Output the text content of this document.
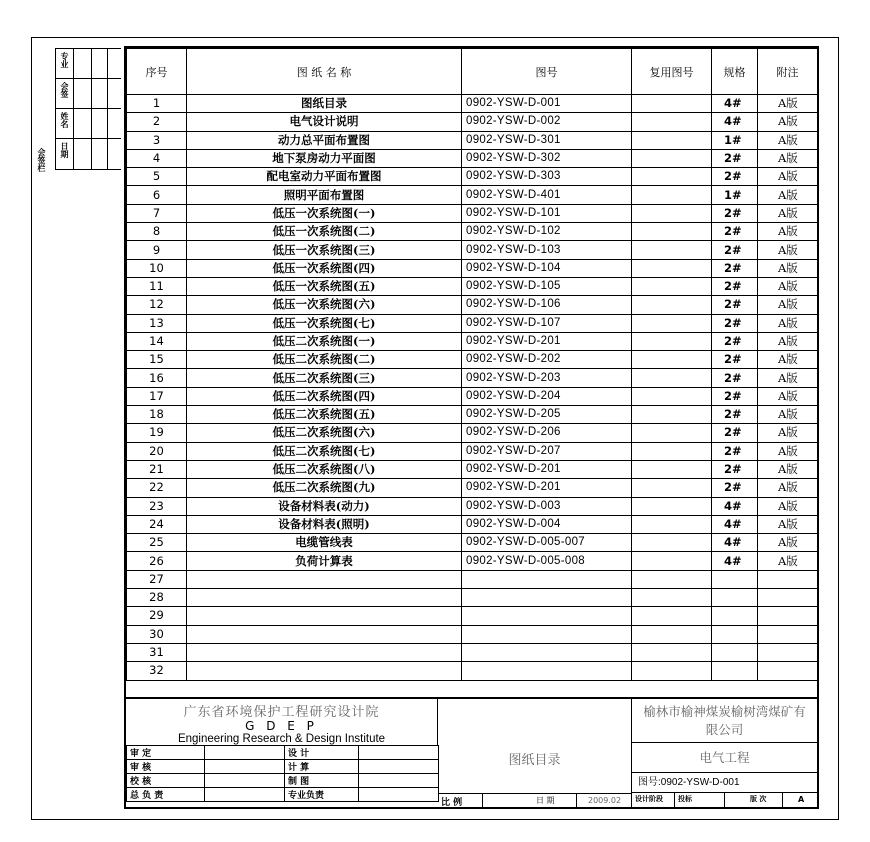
专业
会签
姓名
日期
会签栏
序号	图 纸 名 称	图号	复用图号	规格	附注
1	图纸目录	0902-YSW-D-001		4#	A版
2	电气设计说明	0902-YSW-D-002		4#	A版
3	动力总平面布置图	0902-YSW-D-301		1#	A版
4	地下泵房动力平面图	0902-YSW-D-302		2#	A版
5	配电室动力平面布置图	0902-YSW-D-303		2#	A版
6	照明平面布置图	0902-YSW-D-401		1#	A版
7	低压一次系统图(一)	0902-YSW-D-101		2#	A版
8	低压一次系统图(二)	0902-YSW-D-102		2#	A版
9	低压一次系统图(三)	0902-YSW-D-103		2#	A版
10	低压一次系统图(四)	0902-YSW-D-104		2#	A版
11	低压一次系统图(五)	0902-YSW-D-105		2#	A版
12	低压一次系统图(六)	0902-YSW-D-106		2#	A版
13	低压一次系统图(七)	0902-YSW-D-107		2#	A版
14	低压二次系统图(一)	0902-YSW-D-201		2#	A版
15	低压二次系统图(二)	0902-YSW-D-202		2#	A版
16	低压二次系统图(三)	0902-YSW-D-203		2#	A版
17	低压二次系统图(四)	0902-YSW-D-204		2#	A版
18	低压二次系统图(五)	0902-YSW-D-205		2#	A版
19	低压二次系统图(六)	0902-YSW-D-206		2#	A版
20	低压二次系统图(七)	0902-YSW-D-207		2#	A版
21	低压二次系统图(八)	0902-YSW-D-201		2#	A版
22	低压二次系统图(九)	0902-YSW-D-201		2#	A版
23	设备材料表(动力)	0902-YSW-D-003		4#	A版
24	设备材料表(照明)	0902-YSW-D-004		4#	A版
25	电缆管线表	0902-YSW-D-005-007		4#	A版
26	负荷计算表	0902-YSW-D-005-008		4#	A版
27					
28					
29					
30					
31					
32					
广东省环境保护工程研究设计院
G D E P
Engineering Research & Design Institute
审 定		设 计	
审 核		计 算	
校 核		制 图	
总 负 责		专业负责	
图纸目录
比 例	日 期	2009.02
榆林市榆神煤炭榆树湾煤矿有限公司
电气工程
图号:0902-YSW-D-001
设计阶段 投标	版 次	A
